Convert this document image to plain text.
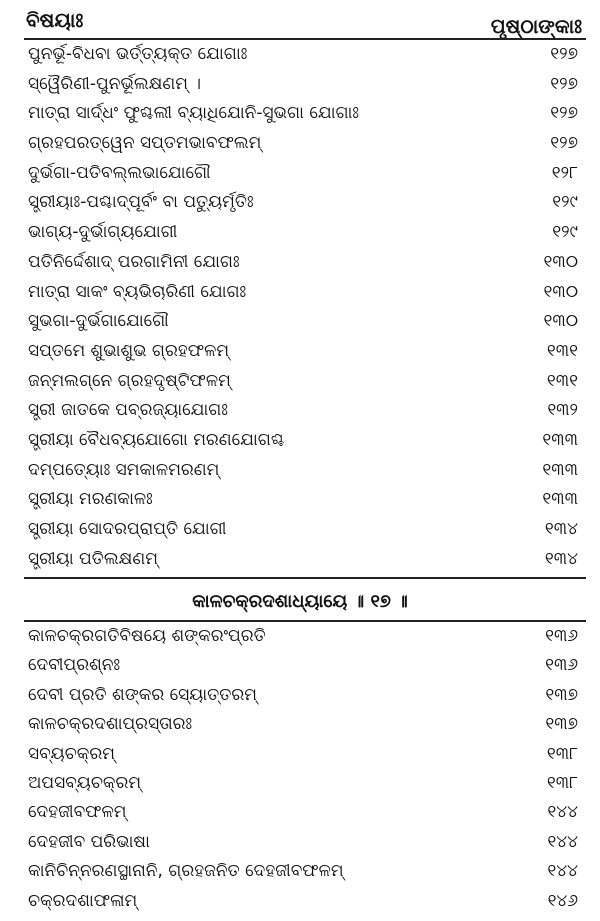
ବିଷୟାଃ	ପୃଷ୍ଠାଙ୍କାଃ
ପୁନର୍ଭୂ-ବିଧବା ଭର୍ତ୍ତ୍ୟକ୍ତ ଯୋଗାଃ	୧୨୭
ସ୍ୱୈରିଣୀ-ପୁନର୍ଭୂଲକ୍ଷଣମ୍ ।	୧୨୭
ମାତ୍ରା ସାର୍ଦ୍ଧଂ ଫୁଶ୍ଚଲୀ ବ୍ୟାଧିଯୋନି-ସୁଭଗା ଯୋଗାଃ	୧୨୭
ଗ୍ରହପରତ୍ୱେନ ସପ୍ତମଭାବଫଲମ୍	୧୨୭
ଦୁର୍ଭଗା-ପତିବଲ୍ଲଭାଯୋଗୌ	୧୨୮
ସ୍ତ୍ରୀୟାଃ-ପଶ୍ଚାଦ୍‌ପୂର୍ବଂ ବା ପତ୍ୟୁର୍ମୃତିଃ	୧୨୯
ଭାଗ୍ୟ-ଦୁର୍ଭାଗ୍ୟଯୋଗୀ	୧୨୯
ପତିନିର୍ଦ୍ଦେଶାଦ୍ ପରଗାମିନୀ ଯୋଗଃ	୧୩୦
ମାତ୍ରା ସାକଂ ବ୍ୟଭିଚାରିଣୀ ଯୋଗଃ	୧୩୦
ସୁଭଗା-ଦୁର୍ଭଗାଯୋଗୌ	୧୩୦
ସପ୍ତମେ ଶୁଭାଶୁଭ ଗ୍ରହଫଳମ୍	୧୩୧
ଜନ୍ମଲଗ୍ନେ ଗ୍ରହଦୃଷ୍ଟିଫଳମ୍	୧୩୧
ସ୍ତ୍ରୀ ଜାତକେ ପବ୍ରଜ୍ୟାଯୋଗଃ	୧୩୨
ସ୍ତ୍ରୀୟା ବୈଧବ୍ୟଯୋଗୋ ମରଣଯୋଗଶ୍ଚ	୧୩୩
ଦମ୍ପତ୍ୟୋଃ ସମକାଳମରଣମ୍	୧୩୩
ସ୍ତ୍ରୀୟା ମରଣକାଳଃ	୧୩୩
ସ୍ତ୍ରୀୟା ସୋଦରପ୍ରାପ୍ତି ଯୋଗୀ	୧୩୪
ସ୍ତ୍ରୀୟା ପତିଲକ୍ଷଣମ୍	୧୩୪
କାଳଚକ୍ରଦଶାଧ୍ୟାୟେ ॥ ୧୭ ॥
କାଳଚକ୍ରଗତିବିଷୟେ ଶଙ୍କରଂପ୍ରତି	୧୩୬
ଦେବୀପ୍ରଶ୍ନଃ	୧୩୬
ଦେବୀ ପ୍ରତି ଶଙ୍କର ସ୍ୟୋତ୍ତରମ୍	୧୩୭
କାଳଚକ୍ରଦଶାପ୍ରସ୍ତାରଃ	୧୩୭
ସବ୍ୟଚକ୍ରମ୍	୧୩୮
ଅପସବ୍ୟଚକ୍ରମ୍	୧୩୮
ଦେହଜୀବଫଳମ୍	୧୪୪
ଦେହଜୀବ ପରିଭାଷା	୧୪୪
କାନିଚିନ୍ନରଣସ୍ଥାନାନି, ଗ୍ରହଜନିତ ଦେହଜୀବଫଳମ୍	୧୪୪
ଚକ୍ରଦଶାଫଳାମ୍	୧୪୬
